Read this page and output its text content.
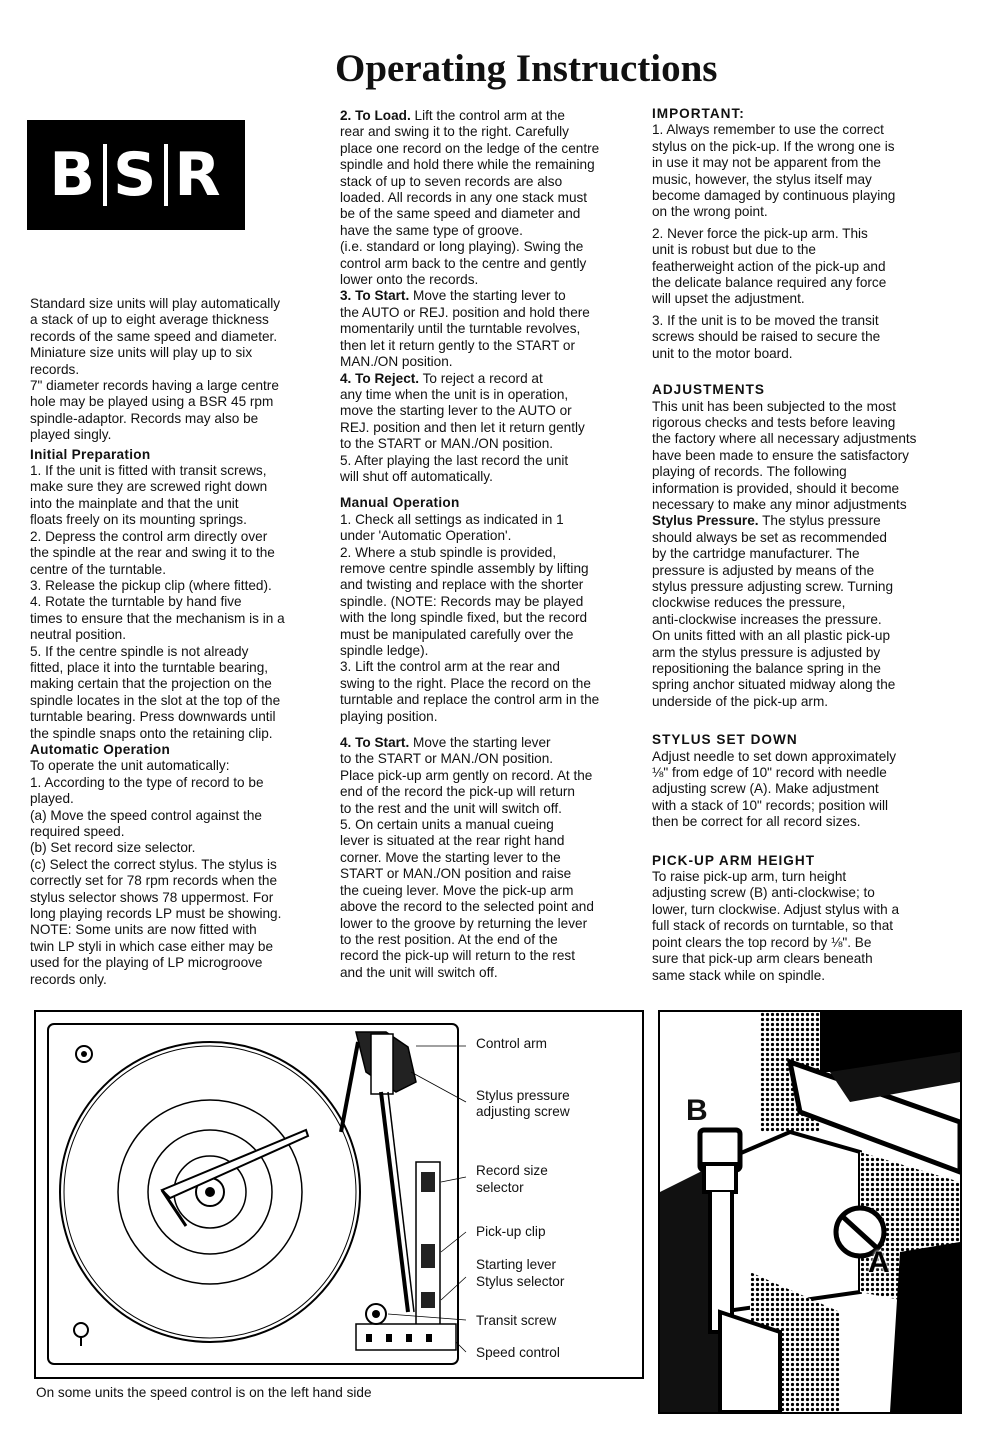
B S R
Operating Instructions

Standard size units will play automatically

a stack of up to eight average thickness

records of the same speed and diameter.

Miniature size units will play up to six

records.

7" diameter records having a large centre

hole may be played using a BSR 45 rpm

spindle-adaptor. Records may also be

played singly.

Initial Preparation

1. If the unit is fitted with transit screws,

make sure they are screwed right down

into the mainplate and that the unit

floats freely on its mounting springs.

2. Depress the control arm directly over

the spindle at the rear and swing it to the

centre of the turntable.

3. Release the pickup clip (where fitted).

4. Rotate the turntable by hand five

times to ensure that the mechanism is in a

neutral position.

5. If the centre spindle is not already

fitted, place it into the turntable bearing,

making certain that the projection on the

spindle locates in the slot at the top of the

turntable bearing. Press downwards until

the spindle snaps onto the retaining clip.

Automatic Operation

To operate the unit automatically:

1. According to the type of record to be

played.

(a) Move the speed control against the

required speed.

(b) Set record size selector.

(c) Select the correct stylus. The stylus is

correctly set for 78 rpm records when the

stylus selector shows 78 uppermost. For

long playing records LP must be showing.

NOTE: Some units are now fitted with

twin LP styli in which case either may be

used for the playing of LP microgroove

records only.

2. To Load. Lift the control arm at the

rear and swing it to the right. Carefully

place one record on the ledge of the centre

spindle and hold there while the remaining

stack of up to seven records are also

loaded. All records in any one stack must

be of the same speed and diameter and

have the same type of groove.

(i.e. standard or long playing). Swing the

control arm back to the centre and gently

lower onto the records.

3. To Start. Move the starting lever to

the AUTO or REJ. position and hold there

momentarily until the turntable revolves,

then let it return gently to the START or

MAN./ON position.

4. To Reject. To reject a record at

any time when the unit is in operation,

move the starting lever to the AUTO or

REJ. position and then let it return gently

to the START or MAN./ON position.

5. After playing the last record the unit

will shut off automatically.

Manual Operation

1. Check all settings as indicated in 1

under 'Automatic Operation'.

2. Where a stub spindle is provided,

remove centre spindle assembly by lifting

and twisting and replace with the shorter

spindle. (NOTE: Records may be played

with the long spindle fixed, but the record

must be manipulated carefully over the

spindle ledge).

3. Lift the control arm at the rear and

swing to the right. Place the record on the

turntable and replace the control arm in the

playing position.

4. To Start. Move the starting lever

to the START or MAN./ON position.

Place pick-up arm gently on record. At the

end of the record the pick-up will return

to the rest and the unit will switch off.

5. On certain units a manual cueing

lever is situated at the rear right hand

corner. Move the starting lever to the

START or MAN./ON position and raise

the cueing lever. Move the pick-up arm

above the record to the selected point and

lower to the groove by returning the lever

to the rest position. At the end of the

record the pick-up will return to the rest

and the unit will switch off.

IMPORTANT:

1. Always remember to use the correct

stylus on the pick-up. If the wrong one is

in use it may not be apparent from the

music, however, the stylus itself may

become damaged by continuous playing

on the wrong point.

2. Never force the pick-up arm. This

unit is robust but due to the

featherweight action of the pick-up and

the delicate balance required any force

will upset the adjustment.

3. If the unit is to be moved the transit

screws should be raised to secure the

unit to the motor board.

ADJUSTMENTS

This unit has been subjected to the most

rigorous checks and tests before leaving

the factory where all necessary adjustments

have been made to ensure the satisfactory

playing of records. The following

information is provided, should it become

necessary to make any minor adjustments

Stylus Pressure. The stylus pressure

should always be set as recommended

by the cartridge manufacturer. The

pressure is adjusted by means of the

stylus pressure adjusting screw. Turning

clockwise reduces the pressure,

anti-clockwise increases the pressure.

On units fitted with an all plastic pick-up

arm the stylus pressure is adjusted by

repositioning the balance spring in the

spring anchor situated midway along the

underside of the pick-up arm.

STYLUS SET DOWN

Adjust needle to set down approximately

⅛" from edge of 10" record with needle

adjusting screw (A). Make adjustment

with a stack of 10" records; position will

then be correct for all record sizes.

PICK-UP ARM HEIGHT

To raise pick-up arm, turn height

adjusting screw (B) anti-clockwise; to

lower, turn clockwise. Adjust stylus with a

full stack of records on turntable, so that

point clears the top record by ⅛". Be

sure that pick-up arm clears beneath

same stack while on spindle.

Control arm
Stylus pressure
adjusting screw
Record size
selector
Pick-up clip
Starting lever
Stylus selector
Transit screw
Speed control
B
A
On some units the speed control is on the left hand side
